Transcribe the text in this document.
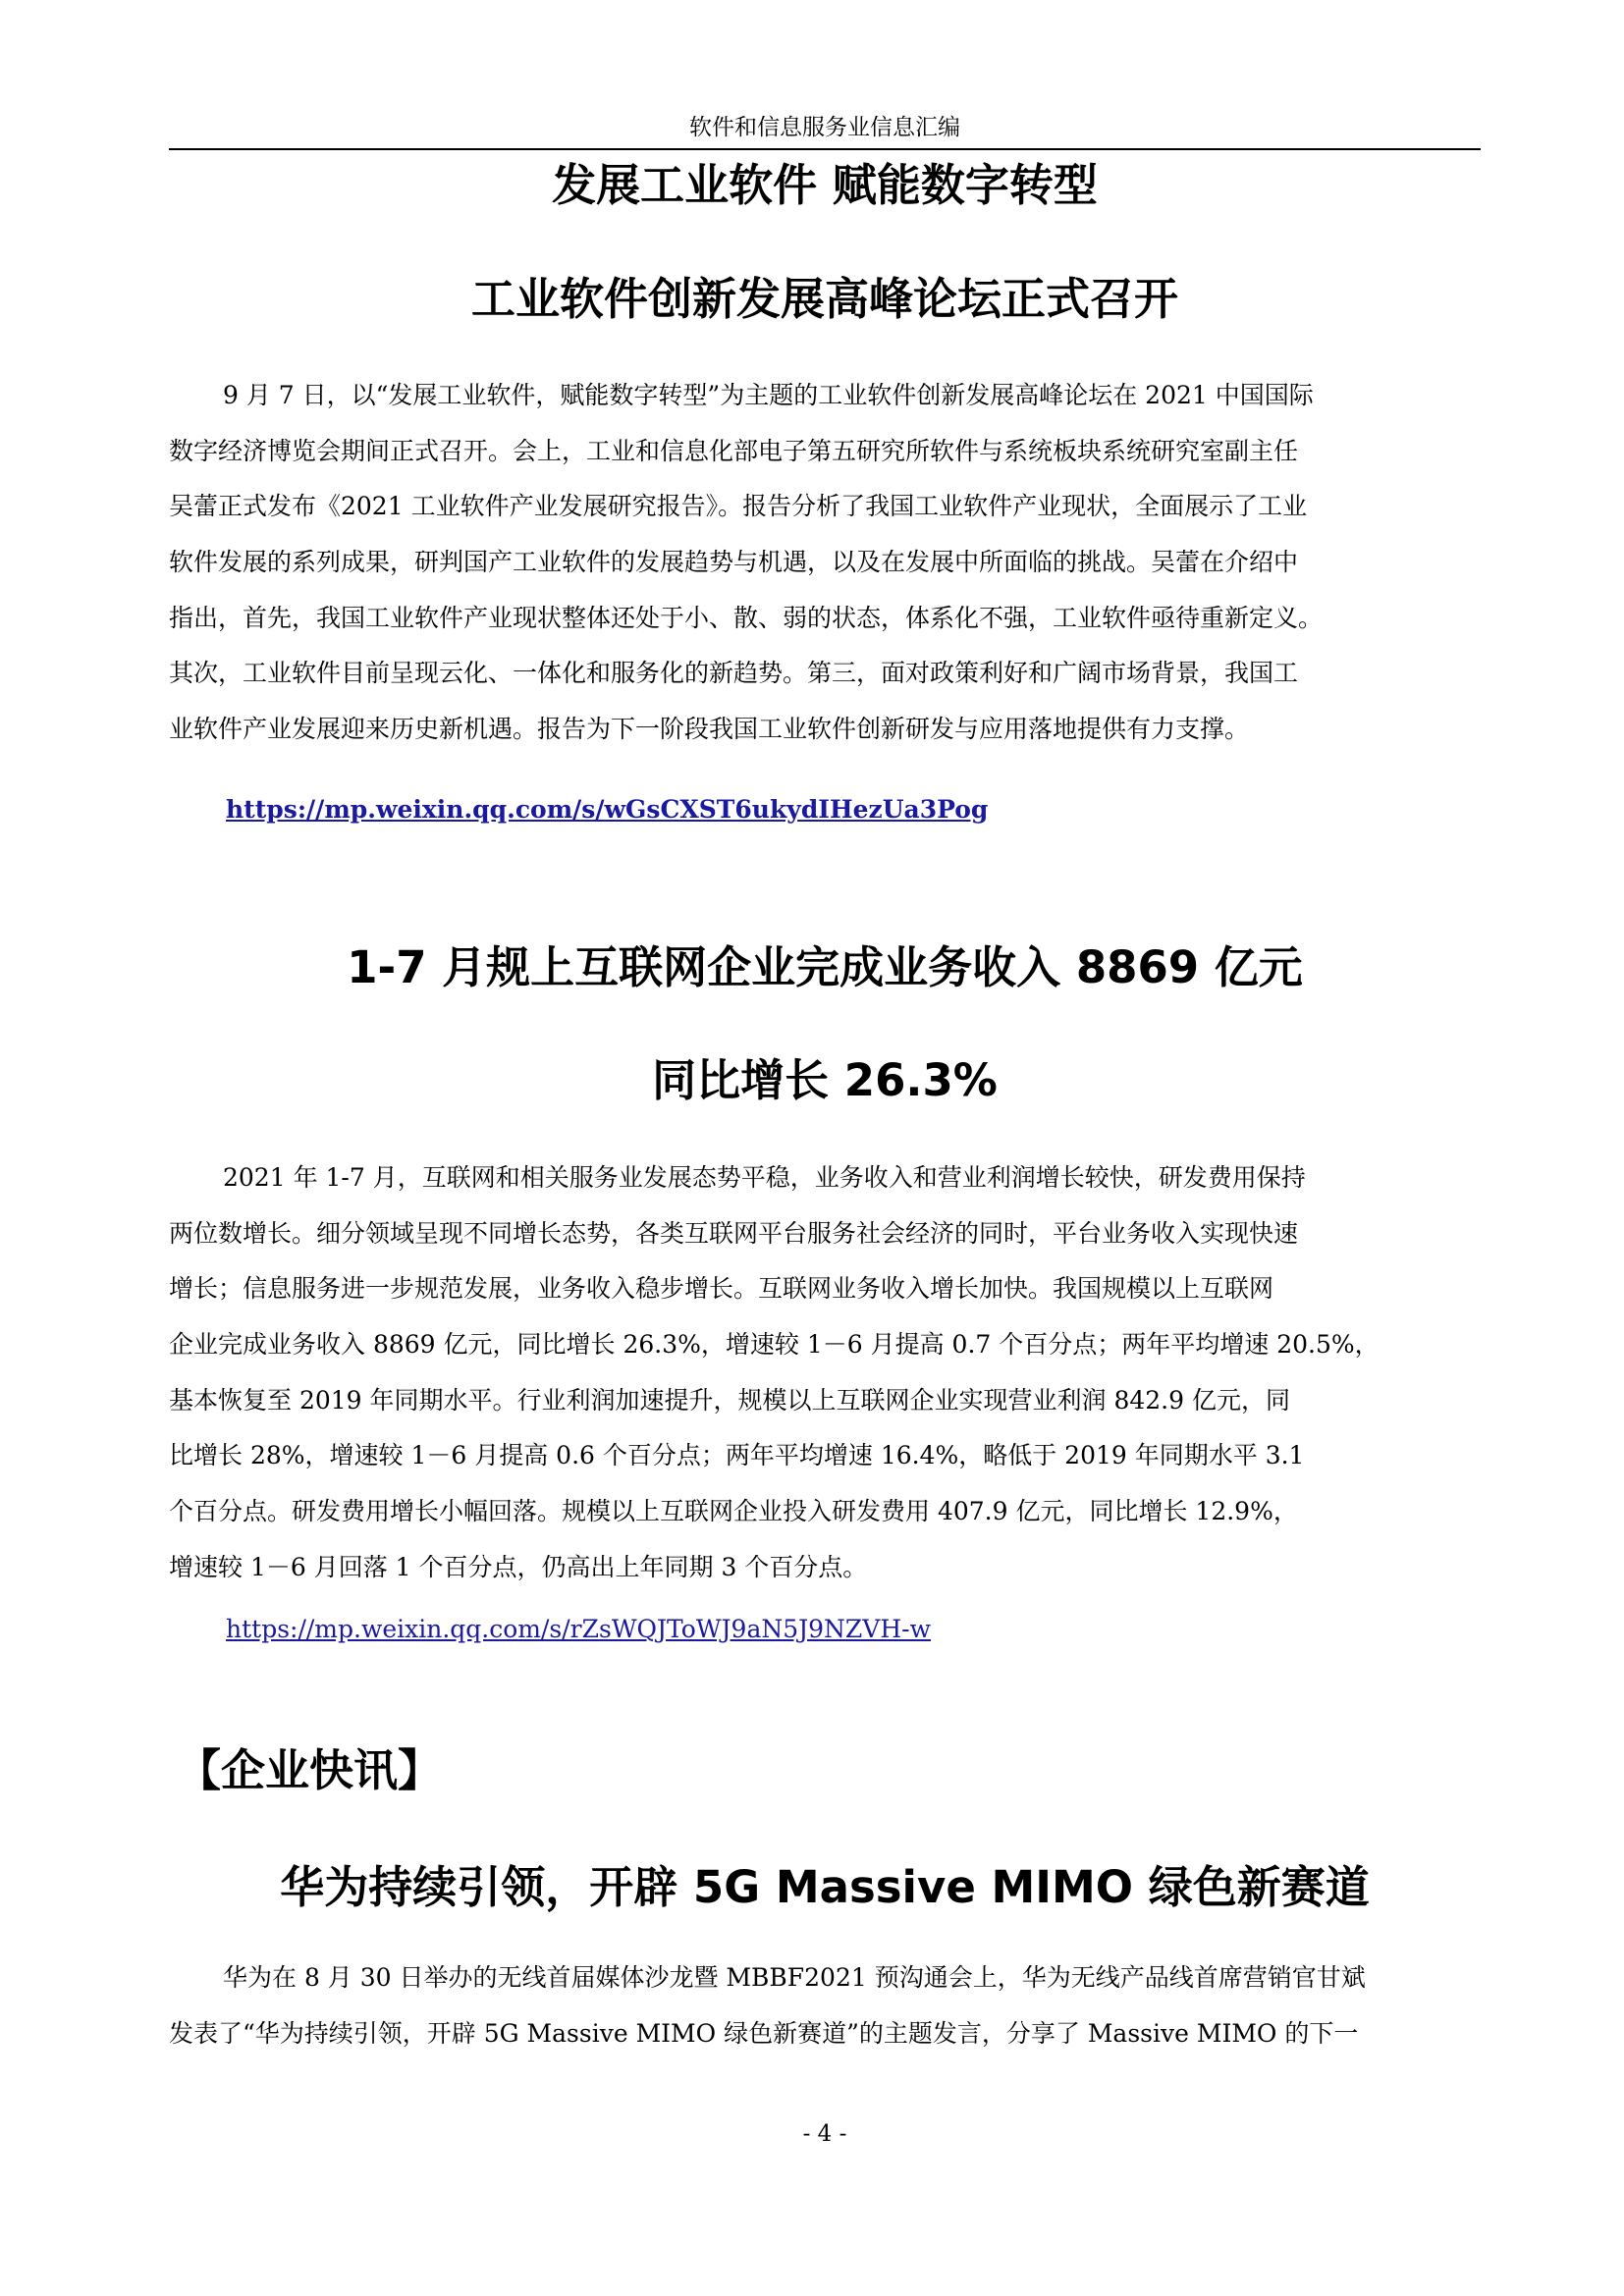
软件和信息服务业信息汇编
发展工业软件 赋能数字转型
工业软件创新发展高峰论坛正式召开
9 月 7 日，以“发展工业软件，赋能数字转型”为主题的工业软件创新发展高峰论坛在 2021 中国国际
数字经济博览会期间正式召开。会上，工业和信息化部电子第五研究所软件与系统板块系统研究室副主任
吴蕾正式发布《2021 工业软件产业发展研究报告》。报告分析了我国工业软件产业现状，全面展示了工业
软件发展的系列成果，研判国产工业软件的发展趋势与机遇，以及在发展中所面临的挑战。吴蕾在介绍中
指出，首先，我国工业软件产业现状整体还处于小、散、弱的状态，体系化不强，工业软件亟待重新定义。
其次，工业软件目前呈现云化、一体化和服务化的新趋势。第三，面对政策利好和广阔市场背景，我国工
业软件产业发展迎来历史新机遇。报告为下一阶段我国工业软件创新研发与应用落地提供有力支撑。
https://mp.weixin.qq.com/s/wGsCXST6ukydIHezUa3Pog
1-7 月规上互联网企业完成业务收入 8869 亿元
同比增长 26.3%
2021 年 1-7 月，互联网和相关服务业发展态势平稳，业务收入和营业利润增长较快，研发费用保持
两位数增长。细分领域呈现不同增长态势，各类互联网平台服务社会经济的同时，平台业务收入实现快速
增长；信息服务进一步规范发展，业务收入稳步增长。互联网业务收入增长加快。我国规模以上互联网
企业完成业务收入 8869 亿元，同比增长 26.3%，增速较 1－6 月提高 0.7 个百分点；两年平均增速 20.5%，
基本恢复至 2019 年同期水平。行业利润加速提升，规模以上互联网企业实现营业利润 842.9 亿元，同
比增长 28%，增速较 1－6 月提高 0.6 个百分点；两年平均增速 16.4%，略低于 2019 年同期水平 3.1
个百分点。研发费用增长小幅回落。规模以上互联网企业投入研发费用 407.9 亿元，同比增长 12.9%，
增速较 1－6 月回落 1 个百分点，仍高出上年同期 3 个百分点。
https://mp.weixin.qq.com/s/rZsWQJToWJ9aN5J9NZVH-w
【企业快讯】
华为持续引领，开辟 5G Massive MIMO 绿色新赛道
华为在 8 月 30 日举办的无线首届媒体沙龙暨 MBBF2021 预沟通会上，华为无线产品线首席营销官甘斌
发表了“华为持续引领，开辟 5G Massive MIMO 绿色新赛道”的主题发言，分享了 Massive MIMO 的下一
- 4 -
